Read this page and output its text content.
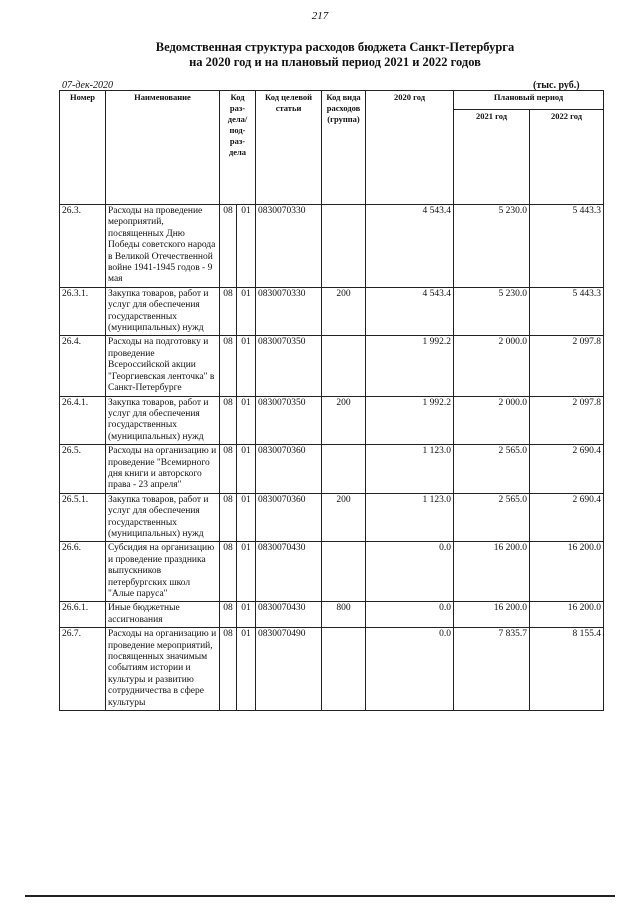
217
Ведомственная структура расходов бюджета Санкт-Петербурга
на 2020 год и на плановый период 2021 и 2022 годов
07-дек-2020	(тыс. руб.)
Номер	Наименование	Код раз- дела/ под- раз- дела		Код целевой статьи	Код вида расходов (группа)	2020 год	Плановый период	
							2021 год	2022 год
26.3.	Расходы на проведение мероприятий, посвященных Дню Победы советского народа в Великой Отечественной войне 1941-1945 годов - 9 мая	08	01	0830070330		4 543.4	5 230.0	5 443.3
26.3.1.	Закупка товаров, работ и услуг для обеспечения государственных (муниципальных) нужд	08	01	0830070330	200	4 543.4	5 230.0	5 443.3
26.4.	Расходы на подготовку и проведение Всероссийской акции "Георгиевская ленточка" в Санкт-Петербурге	08	01	0830070350		1 992.2	2 000.0	2 097.8
26.4.1.	Закупка товаров, работ и услуг для обеспечения государственных (муниципальных) нужд	08	01	0830070350	200	1 992.2	2 000.0	2 097.8
26.5.	Расходы на организацию и проведение "Всемирного дня книги и авторского права - 23 апреля"	08	01	0830070360		1 123.0	2 565.0	2 690.4
26.5.1.	Закупка товаров, работ и услуг для обеспечения государственных (муниципальных) нужд	08	01	0830070360	200	1 123.0	2 565.0	2 690.4
26.6.	Субсидия на организацию и проведение праздника выпускников петербургских школ "Алые паруса"	08	01	0830070430		0.0	16 200.0	16 200.0
26.6.1.	Иные бюджетные ассигнования	08	01	0830070430	800	0.0	16 200.0	16 200.0
26.7.	Расходы на организацию и проведение мероприятий, посвященных значимым событиям истории и культуры и развитию сотрудничества в сфере культуры	08	01	0830070490		0.0	7 835.7	8 155.4
